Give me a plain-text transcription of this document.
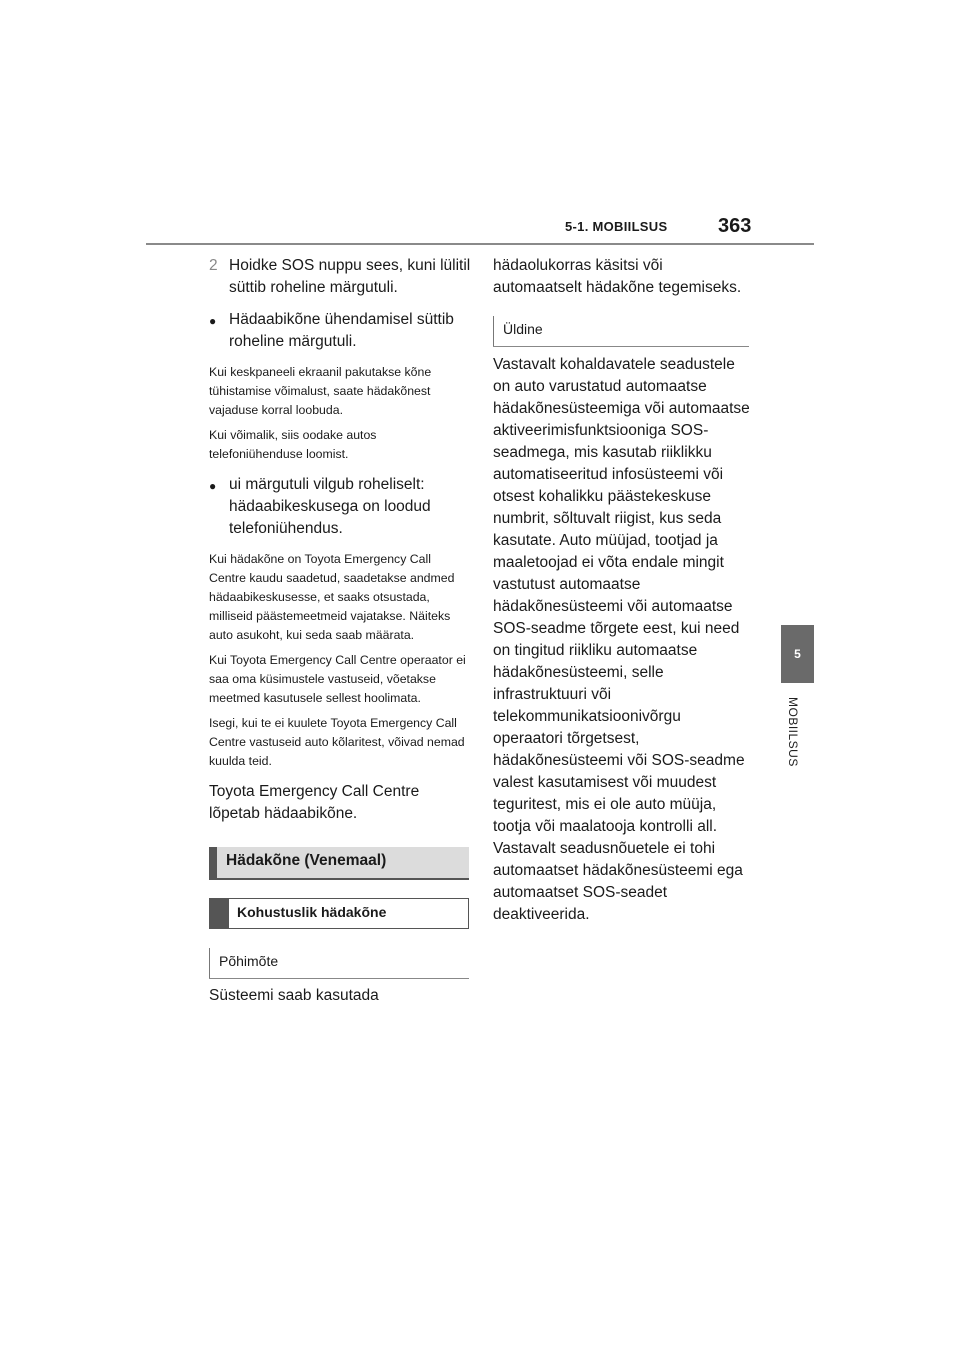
5-1. MOBIILSUS	363
5
MOBIILSUS
2 Hoidke SOS nuppu sees, kuni lülitil süttib roheline märgutuli.
● Hädaabikõne ühendamisel süttib roheline märgutuli.
Kui keskpaneeli ekraanil pakutakse kõne tühistamise võimalust, saate hädakõnest vajaduse korral loobuda.
Kui võimalik, siis oodake autos telefoniühenduse loomist.
● ui märgutuli vilgub roheliselt: hädaabikeskusega on loodud telefoniühendus.
Kui hädakõne on Toyota Emergency Call Centre kaudu saadetud, saadetakse andmed hädaabikeskusesse, et saaks otsustada, milliseid päästemeetmeid vajatakse. Näiteks auto asukoht, kui seda saab määrata.
Kui Toyota Emergency Call Centre operaator ei saa oma küsimustele vastuseid, võetakse meetmed kasutusele sellest hoolimata.
Isegi, kui te ei kuulete Toyota Emergency Call Centre vastuseid auto kõlaritest, võivad nemad kuulda teid.
Toyota Emergency Call Centre lõpetab hädaabikõne.
Hädakõne (Venemaal)
Kohustuslik hädakõne
Põhimõte
Süsteemi saab kasutada
hädaolukorras käsitsi või automaatselt hädakõne tegemiseks.
Üldine
Vastavalt kohaldavatele seadustele on auto varustatud automaatse hädakõnesüsteemiga või automaatse aktiveerimisfunktsiooniga SOS-seadmega, mis kasutab riiklikku automatiseeritud infosüsteemi või otsest kohalikku päästekeskuse numbrit, sõltuvalt riigist, kus seda kasutate. Auto müüjad, tootjad ja maaletoojad ei võta endale mingit vastutust automaatse hädakõnesüsteemi või automaatse SOS-seadme tõrgete eest, kui need on tingitud riikliku automaatse hädakõnesüsteemi, selle infrastruktuuri või telekommunikatsioonivõrgu operaatori tõrgetsest, hädakõnesüsteemi või SOS-seadme valest kasutamisest või muudest teguritest, mis ei ole auto müüja, tootja või maalatooja kontrolli all. Vastavalt seadusnõuetele ei tohi automaatset hädakõnesüsteemi ega automaatset SOS-seadet deaktiveerida.
